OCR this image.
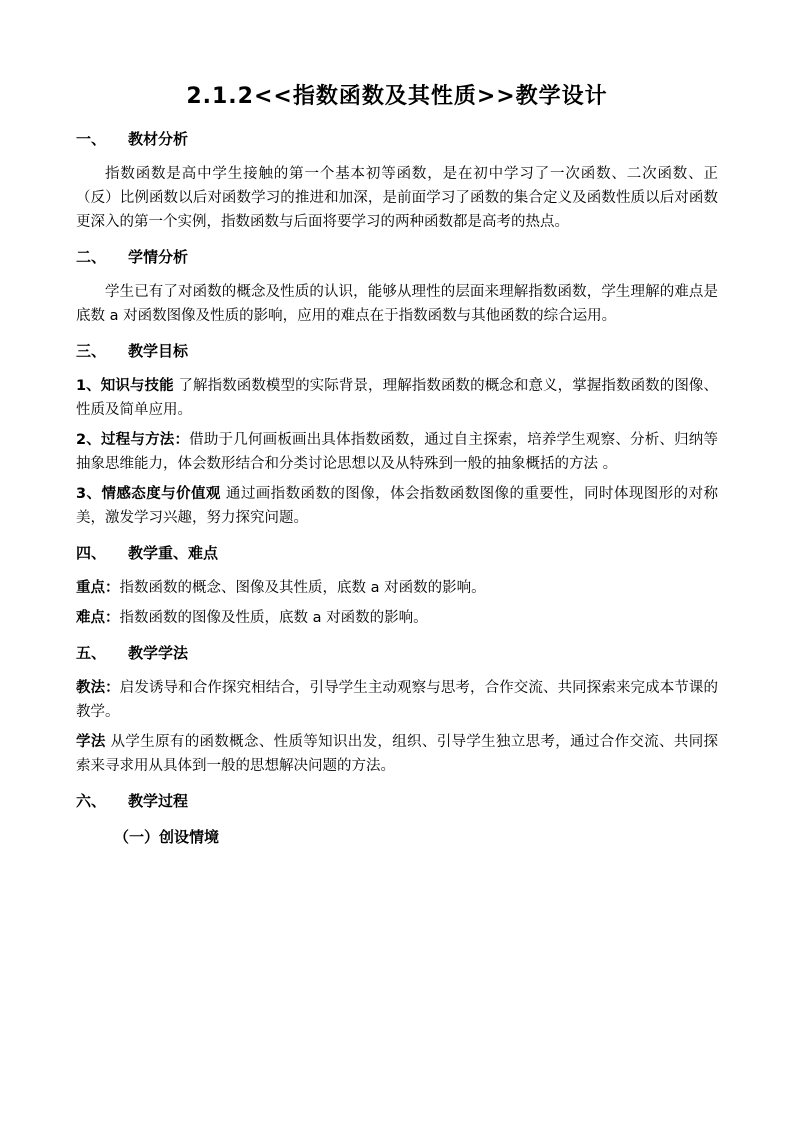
2.1.2<<指数函数及其性质>>教学设计
一、	教材分析

指数函数是高中学生接触的第一个基本初等函数，是在初中学习了一次函数、二次函数、正（反）比例函数以后对函数学习的推进和加深，是前面学习了函数的集合定义及函数性质以后对函数更深入的第一个实例，指数函数与后面将要学习的两种函数都是高考的热点。

二、	学情分析

学生已有了对函数的概念及性质的认识，能够从理性的层面来理解指数函数，学生理解的难点是底数 a 对函数图像及性质的影响，应用的难点在于指数函数与其他函数的综合运用。

三、	教学目标

1、知识与技能 了解指数函数模型的实际背景，理解指数函数的概念和意义，掌握指数函数的图像、性质及简单应用。

2、过程与方法：借助于几何画板画出具体指数函数，通过自主探索，培养学生观察、分析、归纳等抽象思维能力，体会数形结合和分类讨论思想以及从特殊到一般的抽象概括的方法 。

3、情感态度与价值观 通过画指数函数的图像，体会指数函数图像的重要性，同时体现图形的对称美，激发学习兴趣，努力探究问题。

四、	教学重、难点

重点：指数函数的概念、图像及其性质，底数 a 对函数的影响。

难点：指数函数的图像及性质，底数 a 对函数的影响。

五、	教学学法

教法：启发诱导和合作探究相结合，引导学生主动观察与思考，合作交流、共同探索来完成本节课的教学。

学法 从学生原有的函数概念、性质等知识出发，组织、引导学生独立思考，通过合作交流、共同探索来寻求用从具体到一般的思想解决问题的方法。

六、	教学过程
（一）创设情境
